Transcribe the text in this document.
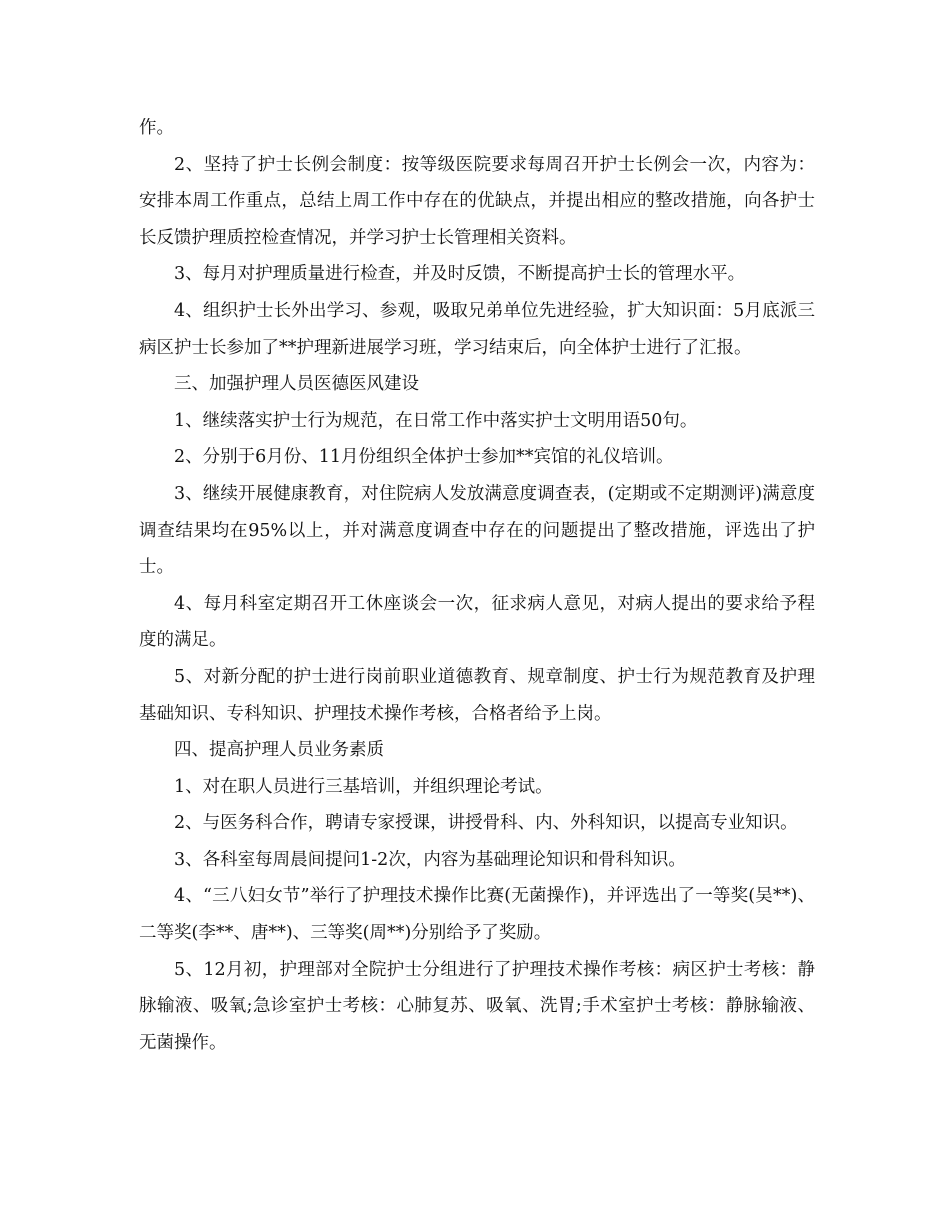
作。

2、坚持了护士长例会制度：按等级医院要求每周召开护士长例会一次，内容为：安排本周工作重点，总结上周工作中存在的优缺点，并提出相应的整改措施，向各护士长反馈护理质控检查情况，并学习护士长管理相关资料。

3、每月对护理质量进行检查，并及时反馈，不断提高护士长的管理水平。

4、组织护士长外出学习、参观，吸取兄弟单位先进经验，扩大知识面：5月底派三病区护士长参加了**护理新进展学习班，学习结束后，向全体护士进行了汇报。

三、加强护理人员医德医风建设

1、继续落实护士行为规范，在日常工作中落实护士文明用语50句。

2、分别于6月份、11月份组织全体护士参加**宾馆的礼仪培训。

3、继续开展健康教育，对住院病人发放满意度调查表，(定期或不定期测评)满意度调查结果均在95%以上，并对满意度调查中存在的问题提出了整改措施，评选出了护士。

4、每月科室定期召开工休座谈会一次，征求病人意见，对病人提出的要求给予程度的满足。

5、对新分配的护士进行岗前职业道德教育、规章制度、护士行为规范教育及护理基础知识、专科知识、护理技术操作考核，合格者给予上岗。

四、提高护理人员业务素质

1、对在职人员进行三基培训，并组织理论考试。

2、与医务科合作，聘请专家授课，讲授骨科、内、外科知识，以提高专业知识。

3、各科室每周晨间提问1-2次，内容为基础理论知识和骨科知识。

4、“三八妇女节”举行了护理技术操作比赛(无菌操作)，并评选出了一等奖(吴**)、二等奖(李**、唐**)、三等奖(周**)分别给予了奖励。

5、12月初，护理部对全院护士分组进行了护理技术操作考核：病区护士考核：静脉输液、吸氧;急诊室护士考核：心肺复苏、吸氧、洗胃;手术室护士考核：静脉输液、无菌操作。
